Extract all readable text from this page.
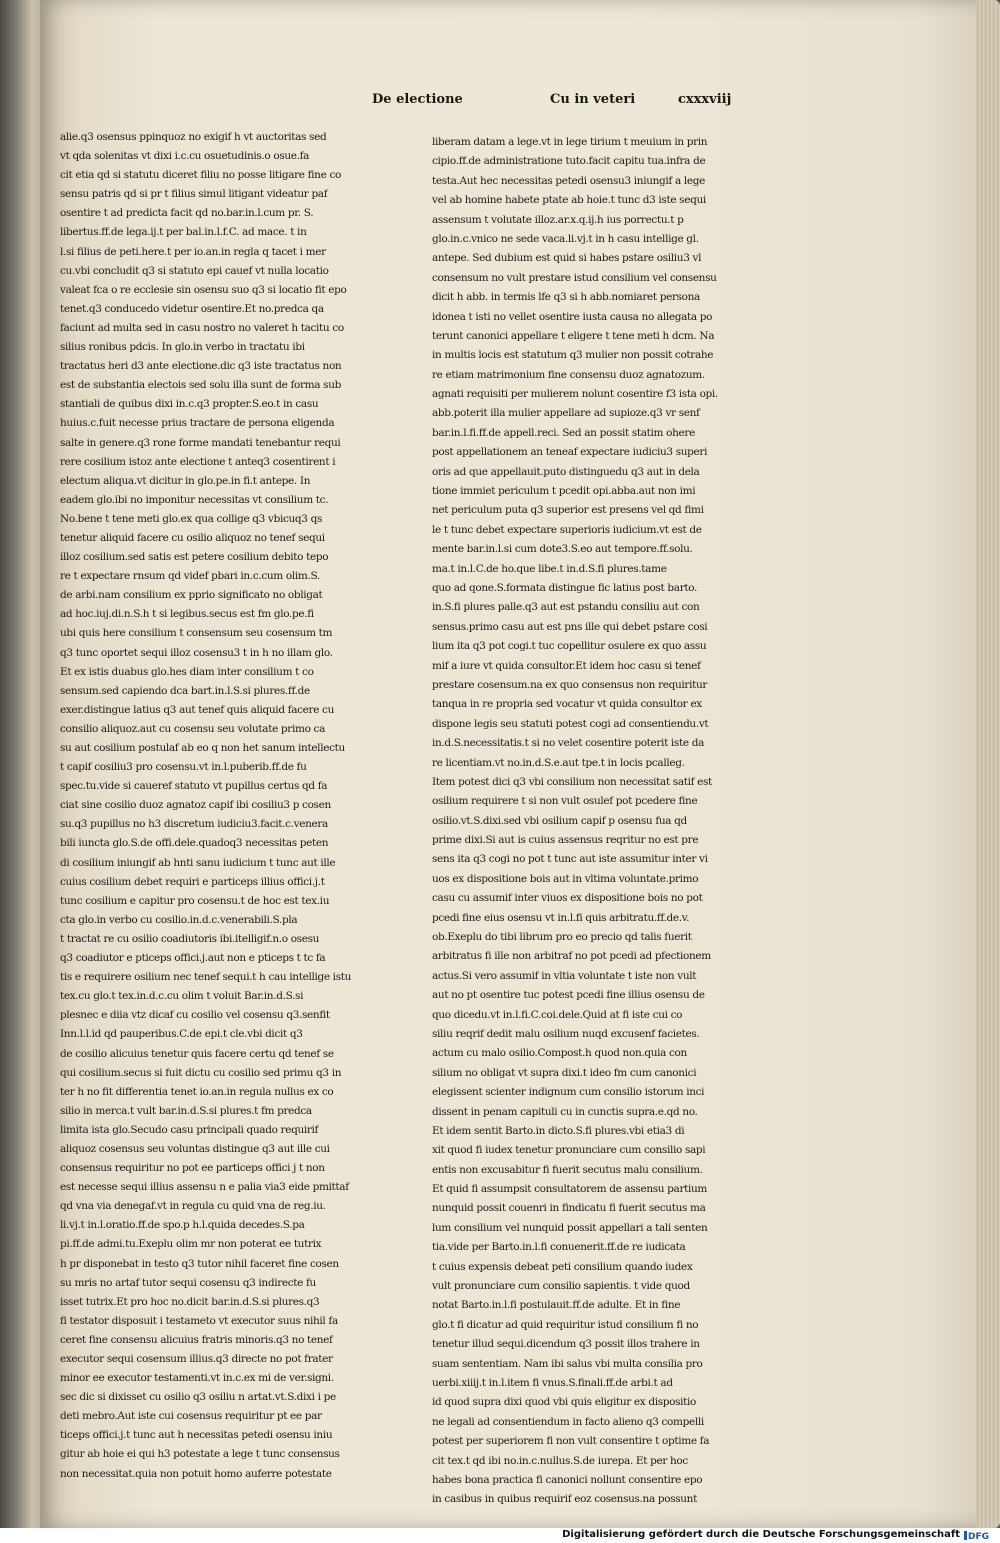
De electione	Cu in veteri	cxxxviij
alie.q3 osensus ppinquoz no exigif h vt auctoritas sed
vt qda solenitas vt dixi i.c.cu osuetudinis.o osue.fa
cit etia qd si statutu diceret filiu no posse litigare fine co
sensu patris qd si pr t filius simul litigant videatur paf
osentire t ad predicta facit qd no.bar.in.l.cum pr. S.
libertus.ff.de lega.ij.t per bal.in.l.f.C. ad mace. t in
l.si filius de peti.here.t per io.an.in regla q tacet i mer
cu.vbi concludit q3 si statuto epi cauef vt nulla locatio
valeat fca o re ecclesie sin osensu suo q3 si locatio fit epo
tenet.q3 conducedo videtur osentire.Et no.predca qa
faciunt ad multa sed in casu nostro no valeret h tacitu co
silius ronibus pdcis. In glo.in verbo in tractatu ibi
tractatus heri d3 ante electione.dic q3 iste tractatus non
est de substantia electois sed solu illa sunt de forma sub
stantiali de quibus dixi in.c.q3 propter.S.eo.t in casu
huius.c.fuit necesse prius tractare de persona eligenda
salte in genere.q3 rone forme mandati tenebantur requi
rere cosilium istoz ante electione t anteq3 cosentirent i
electum aliqua.vt dicitur in glo.pe.in fi.t antepe. In
eadem glo.ibi no imponitur necessitas vt consilium tc.
No.bene t tene meti glo.ex qua collige q3 vbicuq3 qs
tenetur aliquid facere cu osilio aliquoz no tenef sequi
illoz cosilium.sed satis est petere cosilium debito tepo
re t expectare rnsum qd videf pbari in.c.cum olim.S.
de arbi.nam consilium ex pprio significato no obligat
ad hoc.iuj.di.n.S.h t si legibus.secus est fm glo.pe.fi
ubi quis here consilium t consensum seu cosensum tm
q3 tunc oportet sequi illoz cosensu3 t in h no illam glo.
Et ex istis duabus glo.hes diam inter consilium t co
sensum.sed capiendo dca bart.in.l.S.si plures.ff.de
exer.distingue latius q3 aut tenef quis aliquid facere cu
consilio aliquoz.aut cu cosensu seu volutate primo ca
su aut cosilium postulaf ab eo q non het sanum intellectu
t capif cosiliu3 pro cosensu.vt in.l.puberib.ff.de fu
spec.tu.vide si caueref statuto vt pupillus certus qd fa
ciat sine cosilio duoz agnatoz capif ibi cosiliu3 p cosen
su.q3 pupillus no h3 discretum iudiciu3.facit.c.venera
bili iuncta glo.S.de offi.dele.quadoq3 necessitas peten
di cosilium iniungif ab hnti sanu iudicium t tunc aut ille
cuius cosilium debet requiri e particeps illius offici.j.t
tunc cosilium e capitur pro cosensu.t de hoc est tex.iu
cta glo.in verbo cu cosilio.in.d.c.venerabili.S.pla
t tractat re cu osilio coadiutoris ibi.itelligif.n.o osesu
q3 coadiutor e pticeps offici.j.aut non e pticeps t tc fa
tis e requirere osilium nec tenef sequi.t h cau intellige istu
tex.cu glo.t tex.in.d.c.cu olim t voluit Bar.in.d.S.si
plesnec e diia vtz dicaf cu cosilio vel cosensu q3.senfit
Inn.l.l.id qd pauperibus.C.de epi.t cle.vbi dicit q3
de cosilio alicuius tenetur quis facere certu qd tenef se
qui cosilium.secus si fuit dictu cu cosilio sed primu q3 in
ter h no fit differentia tenet io.an.in regula nullus ex co
silio in merca.t vult bar.in.d.S.si plures.t fm predca
limita ista glo.Secudo casu principali quado requirif
aliquoz cosensus seu voluntas distingue q3 aut ille cui
consensus requiritur no pot ee particeps offici j t non
est necesse sequi illius assensu n e palia via3 eide pmittaf
qd vna via denegaf.vt in regula cu quid vna de reg.iu.
li.vj.t in.l.oratio.ff.de spo.p h.l.quida decedes.S.pa
pi.ff.de admi.tu.Exeplu olim mr non poterat ee tutrix
h pr disponebat in testo q3 tutor nihil faceret fine cosen
su mris no artaf tutor sequi cosensu q3 indirecte fu
isset tutrix.Et pro hoc no.dicit bar.in.d.S.si plures.q3
fi testator disposuit i testameto vt executor suus nihil fa
ceret fine consensu alicuius fratris minoris.q3 no tenef
executor sequi cosensum illius.q3 directe no pot frater
minor ee executor testamenti.vt in.c.ex mi de ver.signi.
sec dic si dixisset cu osilio q3 osiliu n artat.vt.S.dixi i pe
deti mebro.Aut iste cui cosensus requiritur pt ee par
ticeps offici.j.t tunc aut h necessitas petedi osensu iniu
gitur ab hoie ei qui h3 potestate a lege t tunc consensus
non necessitat.quia non potuit homo auferre potestate
liberam datam a lege.vt in lege tirium t meuium in prin
cipio.ff.de administratione tuto.facit capitu tua.infra de
testa.Aut hec necessitas petedi osensu3 iniungif a lege
vel ab homine habete ptate ab hoie.t tunc d3 iste sequi
assensum t volutate illoz.ar.x.q.ij.h ius porrectu.t p
glo.in.c.vnico ne sede vaca.li.vj.t in h casu intellige gl.
antepe. Sed dubium est quid si habes pstare osiliu3 vl
consensum no vult prestare istud consilium vel consensu
dicit h abb. in termis lfe q3 si h abb.nomiaret persona
idonea t isti no vellet osentire iusta causa no allegata po
terunt canonici appellare t eligere t tene meti h dcm. Na
in multis locis est statutum q3 mulier non possit cotrahe
re etiam matrimonium fine consensu duoz agnatozum.
agnati requisiti per mulierem nolunt cosentire f3 ista opi.
abb.poterit illa mulier appellare ad supioze.q3 vr senf
bar.in.l.fi.ff.de appell.reci. Sed an possit statim ohere
post appellationem an teneaf expectare iudiciu3 superi
oris ad que appellauit.puto distinguedu q3 aut in dela
tione immiet periculum t pcedit opi.abba.aut non imi
net periculum puta q3 superior est presens vel qd fimi
le t tunc debet expectare superioris iudicium.vt est de
mente bar.in.l.si cum dote3.S.eo aut tempore.ff.solu.
ma.t in.l.C.de ho.que libe.t in.d.S.fi plures.tame
quo ad qone.S.formata distingue fic latius post barto.
in.S.fi plures palle.q3 aut est pstandu consiliu aut con
sensus.primo casu aut est pns ille qui debet pstare cosi
lium ita q3 pot cogi.t tuc copellitur osulere ex quo assu
mif a iure vt quida consultor.Et idem hoc casu si tenef
prestare cosensum.na ex quo consensus non requiritur
tanqua in re propria sed vocatur vt quida consultor ex
dispone legis seu statuti potest cogi ad consentiendu.vt
in.d.S.necessitatis.t si no velet cosentire poterit iste da
re licentiam.vt no.in.d.S.e.aut tpe.t in locis pcalleg.
Item potest dici q3 vbi consilium non necessitat satif est
osilium requirere t si non vult osulef pot pcedere fine
osilio.vt.S.dixi.sed vbi osilium capif p osensu fua qd
prime dixi.Si aut is cuius assensus reqritur no est pre
sens ita q3 cogi no pot t tunc aut iste assumitur inter vi
uos ex dispositione bois aut in vltima voluntate.primo
casu cu assumif inter viuos ex dispositione bois no pot
pcedi fine eius osensu vt in.l.fi quis arbitratu.ff.de.v.
ob.Exeplu do tibi librum pro eo precio qd talis fuerit
arbitratus fi ille non arbitraf no pot pcedi ad pfectionem
actus.Si vero assumif in vltia voluntate t iste non vult
aut no pt osentire tuc potest pcedi fine illius osensu de
quo dicedu.vt in.l.fi.C.coi.dele.Quid at fi iste cui co
siliu reqrif dedit malu osilium nuqd excusenf facietes.
actum cu malo osilio.Compost.h quod non.quia con
silium no obligat vt supra dixi.t ideo fm cum canonici
elegissent scienter indignum cum consilio istorum inci
dissent in penam capituli cu in cunctis supra.e.qd no.
Et idem sentit Barto.in dicto.S.fi plures.vbi etia3 di
xit quod fi iudex tenetur pronunciare cum consilio sapi
entis non excusabitur fi fuerit secutus malu consilium.
Et quid fi assumpsit consultatorem de assensu partium
nunquid possit couenri in findicatu fi fuerit secutus ma
lum consilium vel nunquid possit appellari a tali senten
tia.vide per Barto.in.l.fi conuenerit.ff.de re iudicata
t cuius expensis debeat peti consilium quando iudex
vult pronunciare cum consilio sapientis. t vide quod
notat Barto.in.l.fi postulauit.ff.de adulte. Et in fine
glo.t fi dicatur ad quid requiritur istud consilium fi no
tenetur illud sequi.dicendum q3 possit illos trahere in
suam sententiam. Nam ibi salus vbi multa consilia pro
uerbi.xiiij.t in.l.item fi vnus.S.finali.ff.de arbi.t ad
id quod supra dixi quod vbi quis eligitur ex dispositio
ne legali ad consentiendum in facto alieno q3 compelli
potest per superiorem fi non vult consentire t optime fa
cit tex.t qd ibi no.in.c.nullus.S.de iurepa. Et per hoc
habes bona practica fi canonici nollunt consentire epo
in casibus in quibus requirif eoz cosensus.na possunt
Digitalisierung gefördert durch die Deutsche Forschungsgemeinschaft DFG
